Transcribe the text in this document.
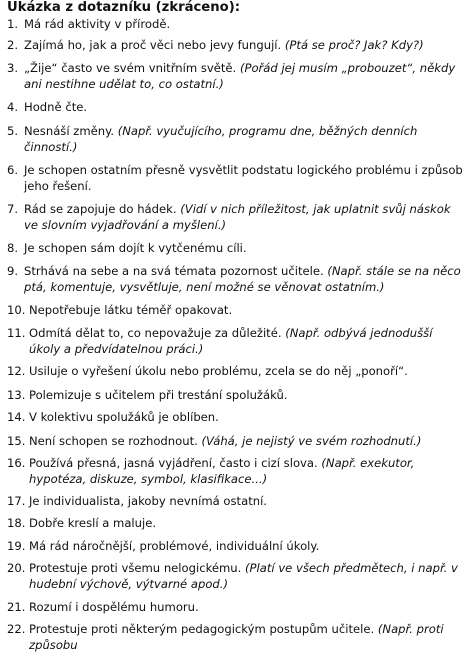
Ukázka z dotazníku (zkráceno):
1. Má rád aktivity v přírodě.
2. Zajímá ho, jak a proč věci nebo jevy fungují. (Ptá se proč? Jak? Kdy?)
3. „Žije“ často ve svém vnitřním světě. (Pořád jej musím „probouzet“, někdy ani nestihne udělat to, co ostatní.)
4. Hodně čte.
5. Nesnáší změny. (Např. vyučujícího, programu dne, běžných denních činností.)
6. Je schopen ostatním přesně vysvětlit podstatu logického problému i způsob jeho řešení.
7. Rád se zapojuje do hádek. (Vidí v nich příležitost, jak uplatnit svůj náskok ve slovním vyjadřování a myšlení.)
8. Je schopen sám dojít k vytčenému cíli.
9. Strhává na sebe a na svá témata pozornost učitele. (Např. stále se na něco ptá, komentuje, vysvětluje, není možné se věnovat ostatním.)
10. Nepotřebuje látku téměř opakovat.
11. Odmítá dělat to, co nepovažuje za důležité. (Např. odbývá jednodušší úkoly a předvídatelnou práci.)
12. Usiluje o vyřešení úkolu nebo problému, zcela se do něj „ponoří“.
13. Polemizuje s učitelem při trestání spolužáků.
14. V kolektivu spolužáků je oblíben.
15. Není schopen se rozhodnout. (Váhá, je nejistý ve svém rozhodnutí.)
16. Používá přesná, jasná vyjádření, často i cizí slova. (Např. exekutor, hypotéza, diskuze, symbol, klasifikace...)
17. Je individualista, jakoby nevnímá ostatní.
18. Dobře kreslí a maluje.
19. Má rád náročnější, problémové, individuální úkoly.
20. Protestuje proti všemu nelogickému. (Platí ve všech předmětech, i např. v hudební výchově, výtvarné apod.)
21. Rozumí i dospělému humoru.
22. Protestuje proti některým pedagogickým postupům učitele. (Např. proti způsobu
